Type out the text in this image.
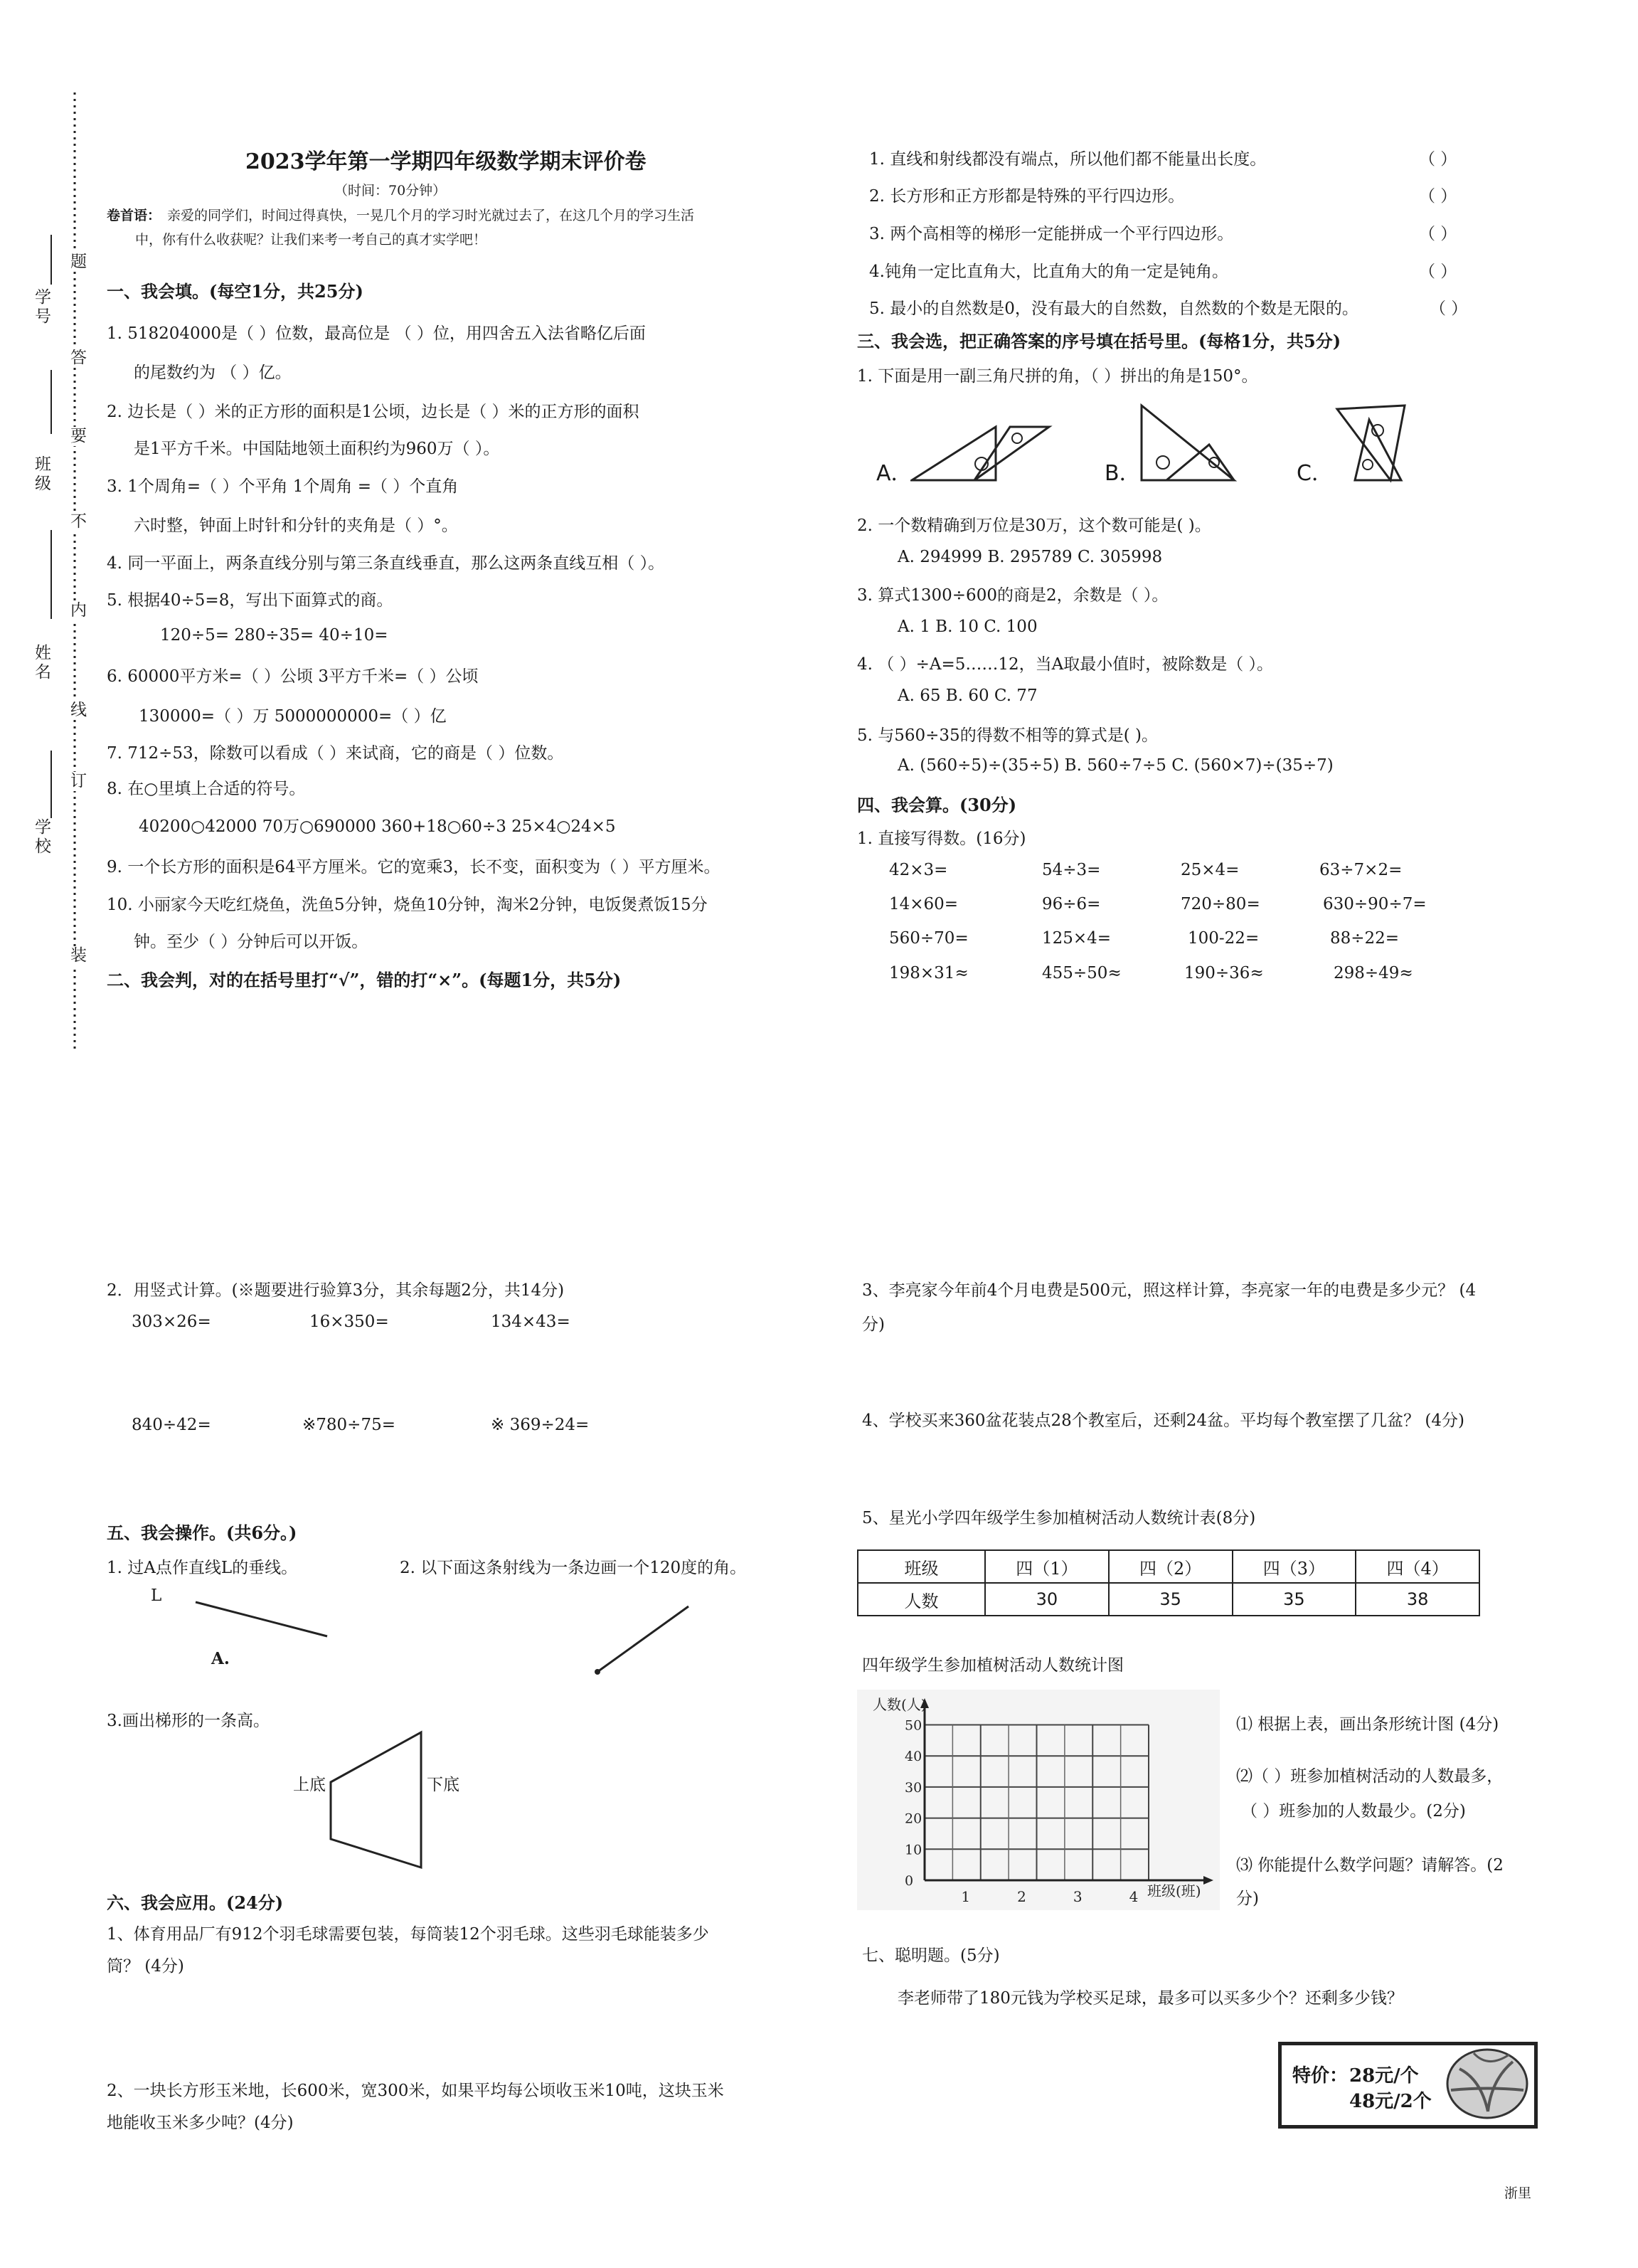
学号
班级
姓名
学校
装
订
线
内
不
要
答
题
2023学年第一学期四年级数学期末评价卷
（时间：70分钟）
卷首语： 亲爱的同学们，时间过得真快，一晃几个月的学习时光就过去了，在这几个月的学习生活
中，你有什么收获呢？让我们来考一考自己的真才实学吧！
一、我会填。(每空1分，共25分)
1. 518204000是（ ）位数，最高位是 （ ）位，用四舍五入法省略亿后面
的尾数约为 （ ）亿。
2. 边长是（ ）米的正方形的面积是1公顷，边长是（ ）米的正方形的面积
是1平方千米。中国陆地领土面积约为960万（ ）。
3. 1个周角=（ ）个平角 1个周角 =（ ）个直角
六时整，钟面上时针和分针的夹角是（ ）°。
4. 同一平面上，两条直线分别与第三条直线垂直，那么这两条直线互相（ ）。
5. 根据40÷5=8，写出下面算式的商。
120÷5= 280÷35= 40÷10=
6. 60000平方米=（ ）公顷 3平方千米=（ ）公顷
130000=（ ）万 5000000000=（ ）亿
7. 712÷53，除数可以看成（ ）来试商，它的商是（ ）位数。
8. 在○里填上合适的符号。
40200○42000 70万○690000 360+18○60÷3 25×4○24×5
9. 一个长方形的面积是64平方厘米。它的宽乘3，长不变，面积变为（ ）平方厘米。
10. 小丽家今天吃红烧鱼，洗鱼5分钟，烧鱼10分钟，淘米2分钟，电饭煲煮饭15分
钟。至少（ ）分钟后可以开饭。
二、我会判，对的在括号里打“√”，错的打“×”。(每题1分，共5分)
1. 直线和射线都没有端点，所以他们都不能量出长度。
2. 长方形和正方形都是特殊的平行四边形。
3. 两个高相等的梯形一定能拼成一个平行四边形。
4.钝角一定比直角大，比直角大的角一定是钝角。
5. 最小的自然数是0，没有最大的自然数，自然数的个数是无限的。
（ ）
（ ）
（ ）
（ ）
（ ）
三、我会选，把正确答案的序号填在括号里。(每格1分，共5分)
1. 下面是用一副三角尺拼的角，（ ）拼出的角是150°。
A．	B．	C．
2. 一个数精确到万位是30万，这个数可能是( )。
A. 294999 B. 295789 C. 305998
3. 算式1300÷600的商是2，余数是（ ）。
A. 1 B. 10 C. 100
4. （ ）÷A=5……12，当A取最小值时，被除数是（ ）。
A. 65 B. 60 C. 77
5. 与560÷35的得数不相等的算式是( )。
A. (560÷5)÷(35÷5) B. 560÷7÷5 C. (560×7)÷(35÷7)
四、我会算。(30分)
1. 直接写得数。(16分)
42×3=	54÷3=	25×4=	63÷7×2=
14×60=	96÷6=	720÷80=	630÷90÷7=
560÷70=	125×4=	100-22=	88÷22=
198×31≈	455÷50≈	190÷36≈	298÷49≈
2．用竖式计算。(※题要进行验算3分，其余每题2分，共14分)
303×26=	16×350=	134×43=
840÷42=	※780÷75=	※ 369÷24=
五、我会操作。(共6分。)
1. 过A点作直线L的垂线。	2. 以下面这条射线为一条边画一个120度的角。
L
A.
3.画出梯形的一条高。
上底	下底
六、我会应用。(24分)
1、体育用品厂有912个羽毛球需要包装，每筒装12个羽毛球。这些羽毛球能装多少
筒？ (4分)
2、一块长方形玉米地，长600米，宽300米，如果平均每公顷收玉米10吨，这块玉米
地能收玉米多少吨？(4分)
3、李亮家今年前4个月电费是500元，照这样计算，李亮家一年的电费是多少元？ (4
分)
4、学校买来360盆花装点28个教室后，还剩24盆。平均每个教室摆了几盆？ (4分)
5、星光小学四年级学生参加植树活动人数统计表(8分)
班级	四（1）	四（2）	四（3）	四（4）
人数	30	35	35	38
四年级学生参加植树活动人数统计图
0
10
20
30
40
50
1	2	3	4
人数(人)
班级(班)
⑴ 根据上表，画出条形统计图 (4分)
⑵（ ）班参加植树活动的人数最多，
（ ）班参加的人数最少。(2分)
⑶ 你能提什么数学问题？请解答。(2
分)
七、聪明题。(5分)
李老师带了180元钱为学校买足球，最多可以买多少个？还剩多少钱？
特价： 28元/个
48元/2个
浙里
